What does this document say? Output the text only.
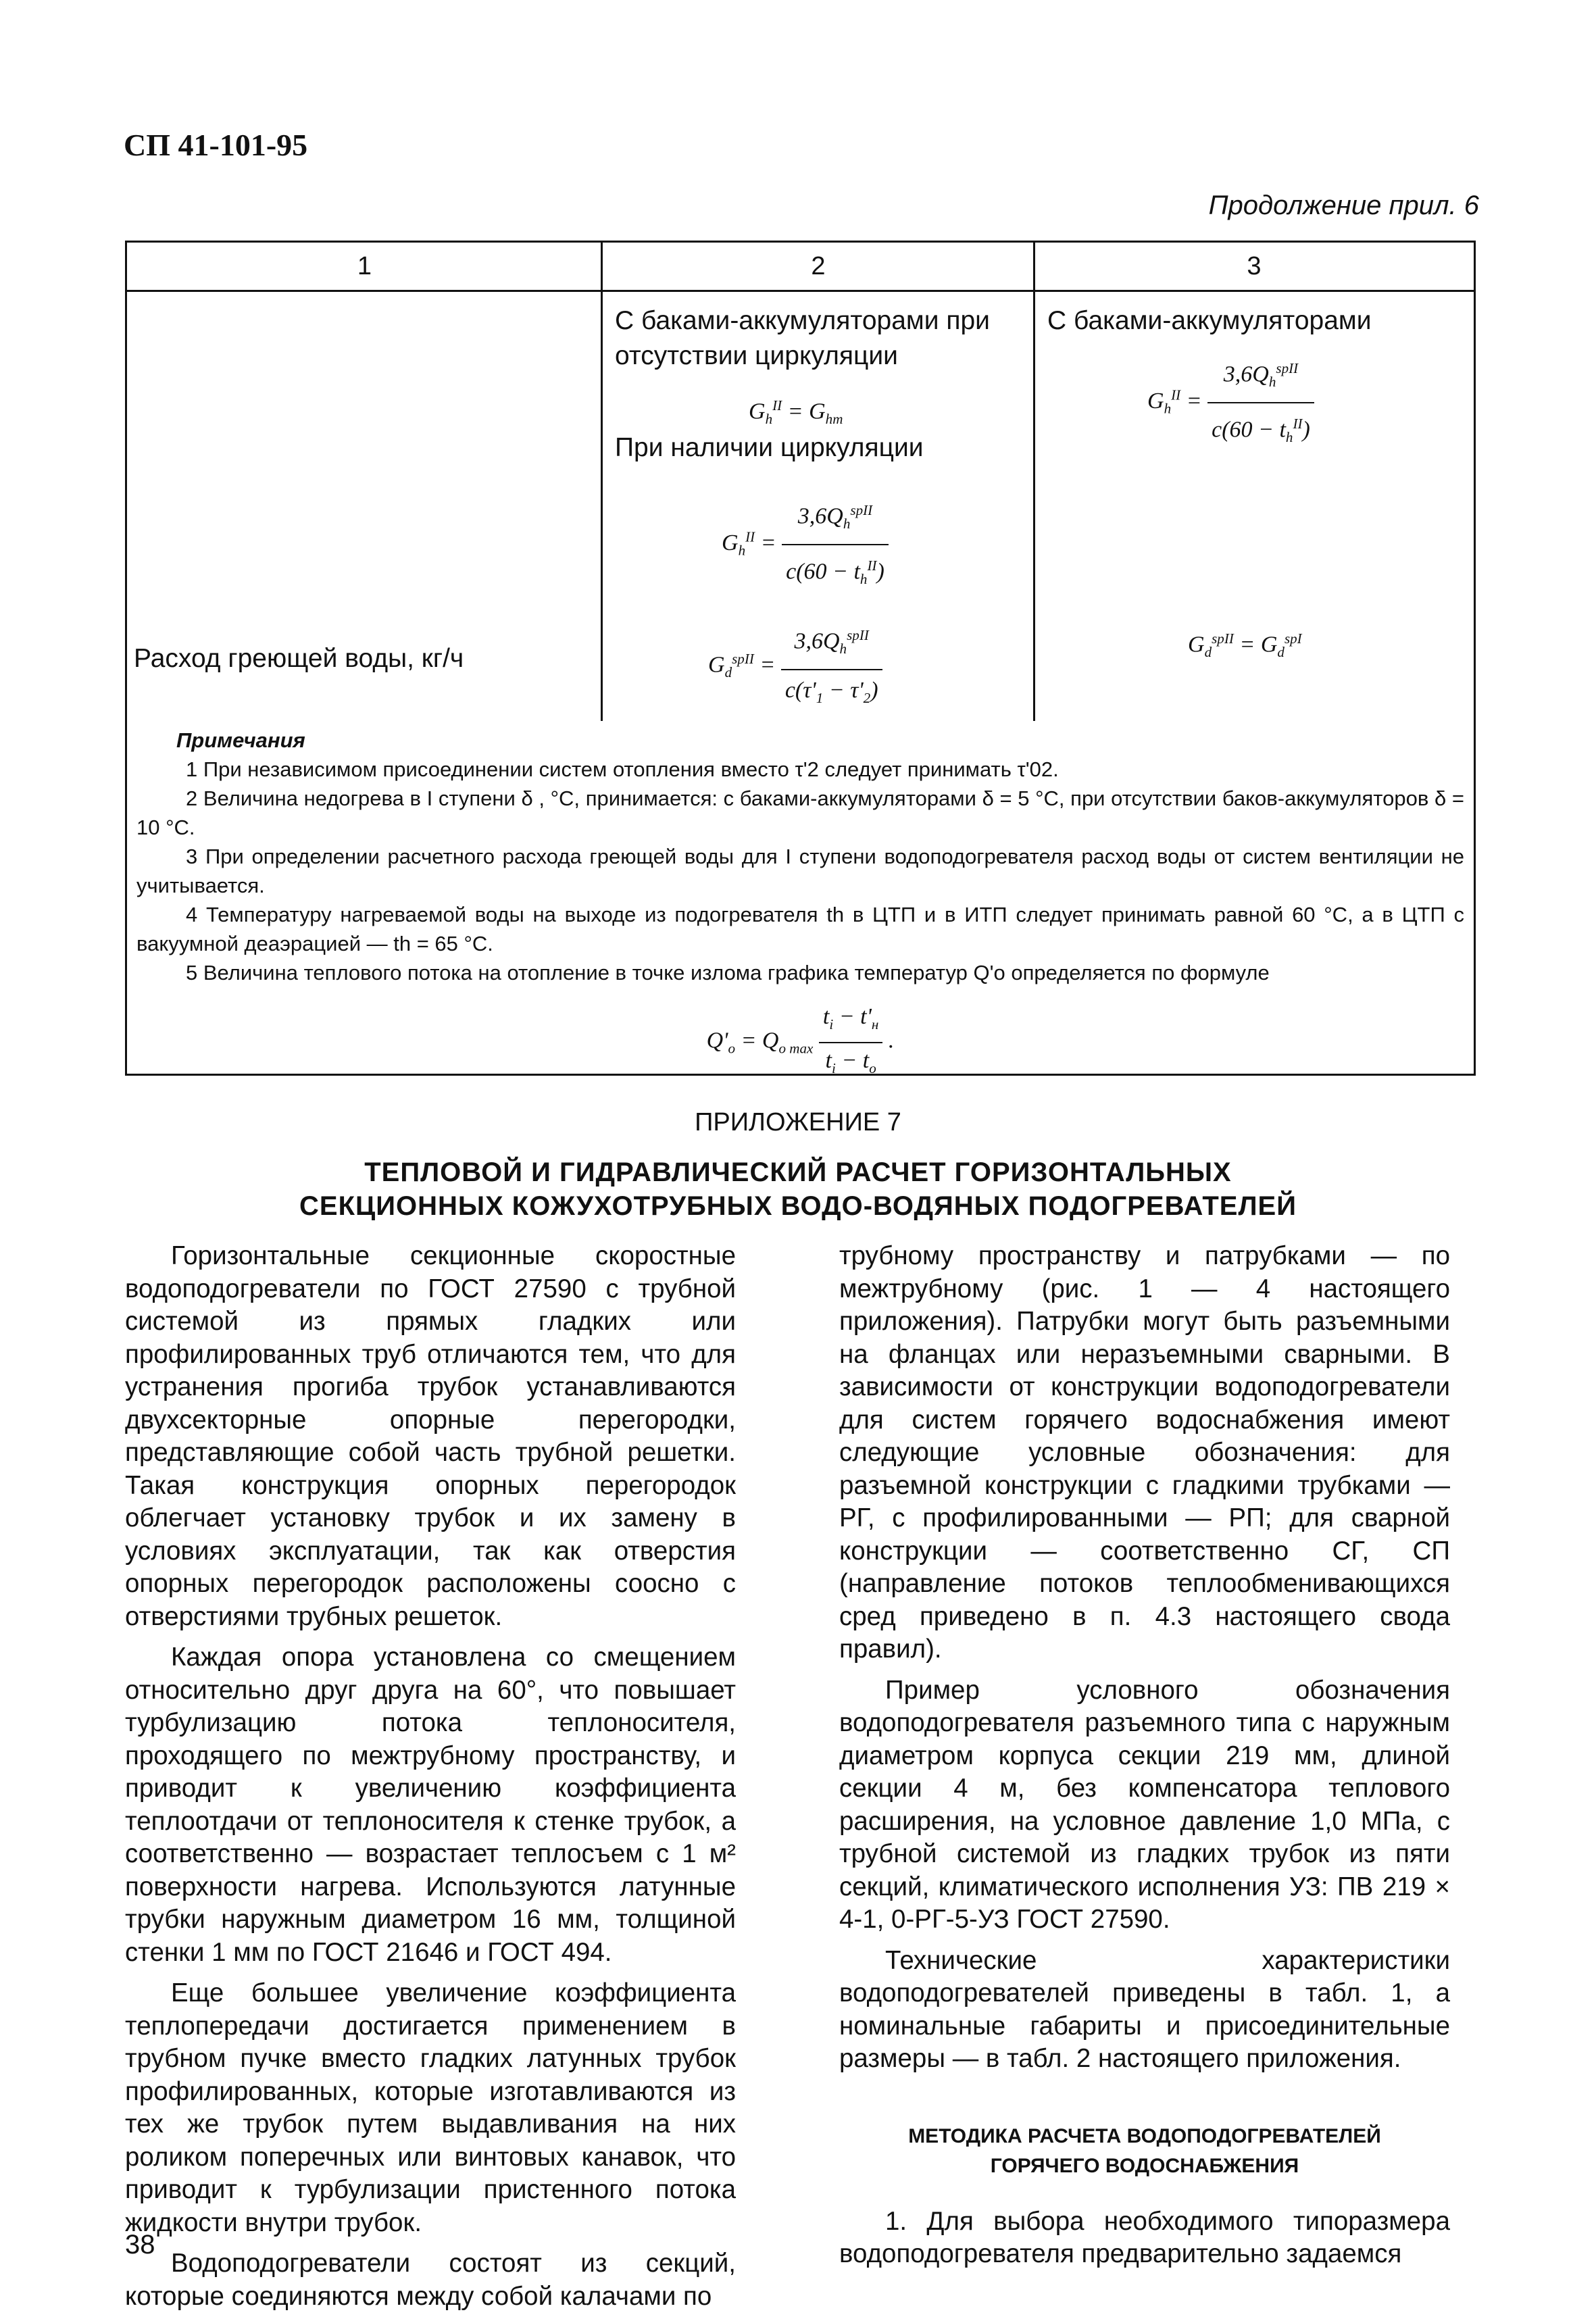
СП 41-101-95
Продолжение прил. 6
1	2	3
Расход греющей воды, кг/ч
С баками-аккумуляторами при отсутствии циркуляции
$G_h^{II} = G_{hm}$
При наличии циркуляции
$G_h^{II} = \frac{3,6Q_h^{spII}}{c(60 - t_h^{II})}$
$G_d^{spII} = \frac{3,6Q_h^{spII}}{c(\tau'_1 - \tau'_2)}$
С баками-аккумуляторами
$G_h^{II} = \frac{3,6Q_h^{spII}}{c(60 - t_h^{II})}$
$G_d^{spII} = G_d^{spI}$
Примечания

1 При независимом присоединении систем отопления вместо τ'2 следует принимать τ'02.

2 Величина недогрева в I ступени δ , °С, принимается: с баками-аккумуляторами δ = 5 °С, при отсутствии баков-аккумуляторов δ = 10 °С.

3 При определении расчетного расхода греющей воды для I ступени водоподогревателя расход воды от систем вентиляции не учитывается.

4 Температуру нагреваемой воды на выходе из подогревателя th в ЦТП и в ИТП следует принимать равной 60 °С, а в ЦТП с вакуумной деаэрацией — th = 65 °С.

5 Величина теплового потока на отопление в точке излома графика температур Q'o определяется по формуле

$Q'_o = Q_{o max} \frac{t_i - t'_н}{t_i - t_o}$ .
ПРИЛОЖЕНИЕ 7
ТЕПЛОВОЙ И ГИДРАВЛИЧЕСКИЙ РАСЧЕТ ГОРИЗОНТАЛЬНЫХ
СЕКЦИОННЫХ КОЖУХОТРУБНЫХ ВОДО-ВОДЯНЫХ ПОДОГРЕВАТЕЛЕЙ

Горизонтальные секционные скоростные водоподогреватели по ГОСТ 27590 с трубной системой из прямых гладких или профилированных труб отличаются тем, что для устранения прогиба трубок устанавливаются двухсекторные опорные перегородки, представляющие собой часть трубной решетки. Такая конструкция опорных перегородок облегчает установку трубок и их замену в условиях эксплуатации, так как отверстия опорных перегородок расположены соосно с отверстиями трубных решеток.

Каждая опора установлена со смещением относительно друг друга на 60°, что повышает турбулизацию потока теплоносителя, проходящего по межтрубному пространству, и приводит к увеличению коэффициента теплоотдачи от теплоносителя к стенке трубок, а соответственно — возрастает теплосъем с 1 м² поверхности нагрева. Используются латунные трубки наружным диаметром 16 мм, толщиной стенки 1 мм по ГОСТ 21646 и ГОСТ 494.

Еще большее увеличение коэффициента теплопередачи достигается применением в трубном пучке вместо гладких латунных трубок профилированных, которые изготавливаются из тех же трубок путем выдавливания на них роликом поперечных или винтовых канавок, что приводит к турбулизации пристенного потока жидкости внутри трубок.

Водоподогреватели состоят из секций, которые соединяются между собой калачами по

трубному пространству и патрубками — по межтрубному (рис. 1 — 4 настоящего приложения). Патрубки могут быть разъемными на фланцах или неразъемными сварными. В зависимости от конструкции водоподогреватели для систем горячего водоснабжения имеют следующие условные обозначения: для разъемной конструкции с гладкими трубками — РГ, с профилированными — РП; для сварной конструкции — соответственно СГ, СП (направление потоков теплообменивающихся сред приведено в п. 4.3 настоящего свода правил).

Пример условного обозначения водоподогревателя разъемного типа с наружным диаметром корпуса секции 219 мм, длиной секции 4 м, без компенсатора теплового расширения, на условное давление 1,0 МПа, с трубной системой из гладких трубок из пяти секций, климатического исполнения УЗ: ПВ 219 × 4-1, 0-РГ-5-УЗ ГОСТ 27590.

Технические характеристики водоподогревателей приведены в табл. 1, а номинальные габариты и присоединительные размеры — в табл. 2 настоящего приложения.

МЕТОДИКА РАСЧЕТА ВОДОПОДОГРЕВАТЕЛЕЙ
ГОРЯЧЕГО ВОДОСНАБЖЕНИЯ

1. Для выбора необходимого типоразмера водоподогревателя предварительно задаемся

38
